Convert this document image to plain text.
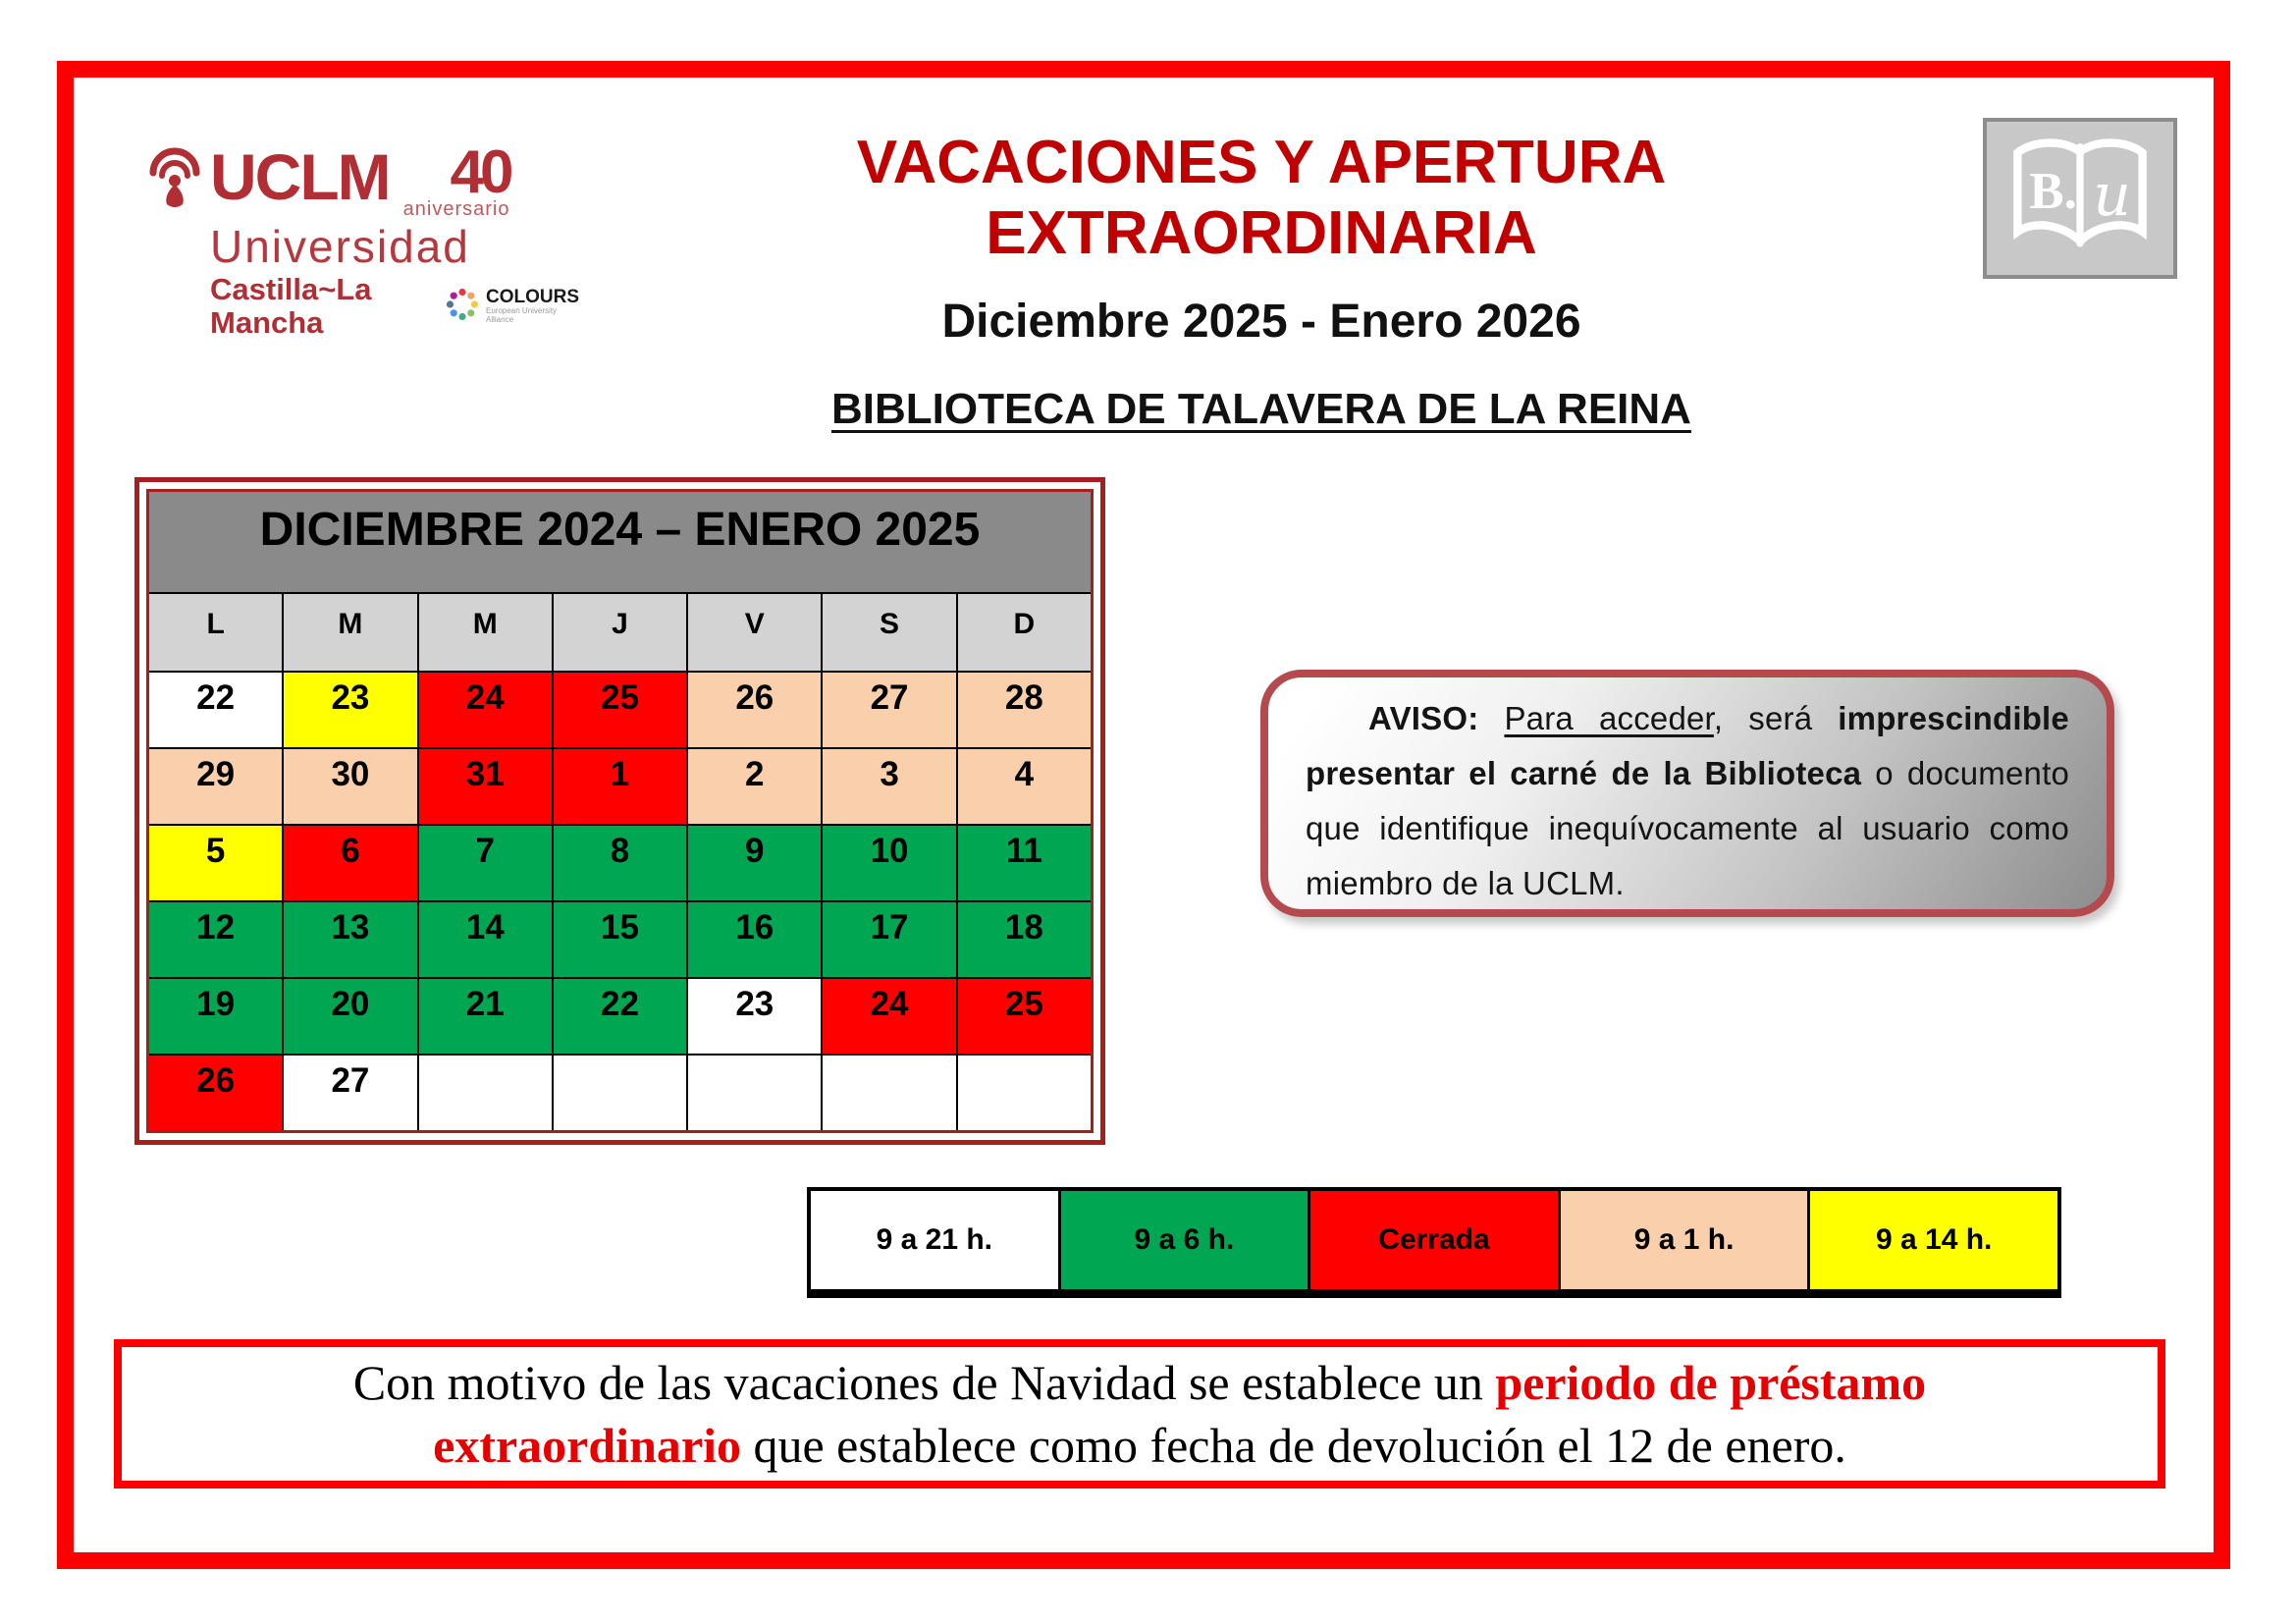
UCLM 40
aniversario
Universidad
Castilla~La Mancha
COLOURS
European University Alliance
VACACIONES Y APERTURA
EXTRAORDINARIA
Diciembre 2025 - Enero 2026
BIBLIOTECA DE TALAVERA DE LA REINA
B. u
DICIEMBRE 2024 – ENERO 2025
L	M	M	J	V	S	D
22	23	24	25	26	27	28
29	30	31	1	2	3	4
5	6	7	8	9	10	11
12	13	14	15	16	17	18
19	20	21	22	23	24	25
26	27

AVISO: Para acceder, será imprescindible presentar el carné de la Biblioteca o documento que identifique inequívocamente al usuario como miembro de la UCLM.

9 a 21 h.	9 a 6 h.	Cerrada	9 a 1 h.	9 a 14 h.

Con motivo de las vacaciones de Navidad se establece un periodo de préstamo extraordinario que establece como fecha de devolución el 12 de enero.
